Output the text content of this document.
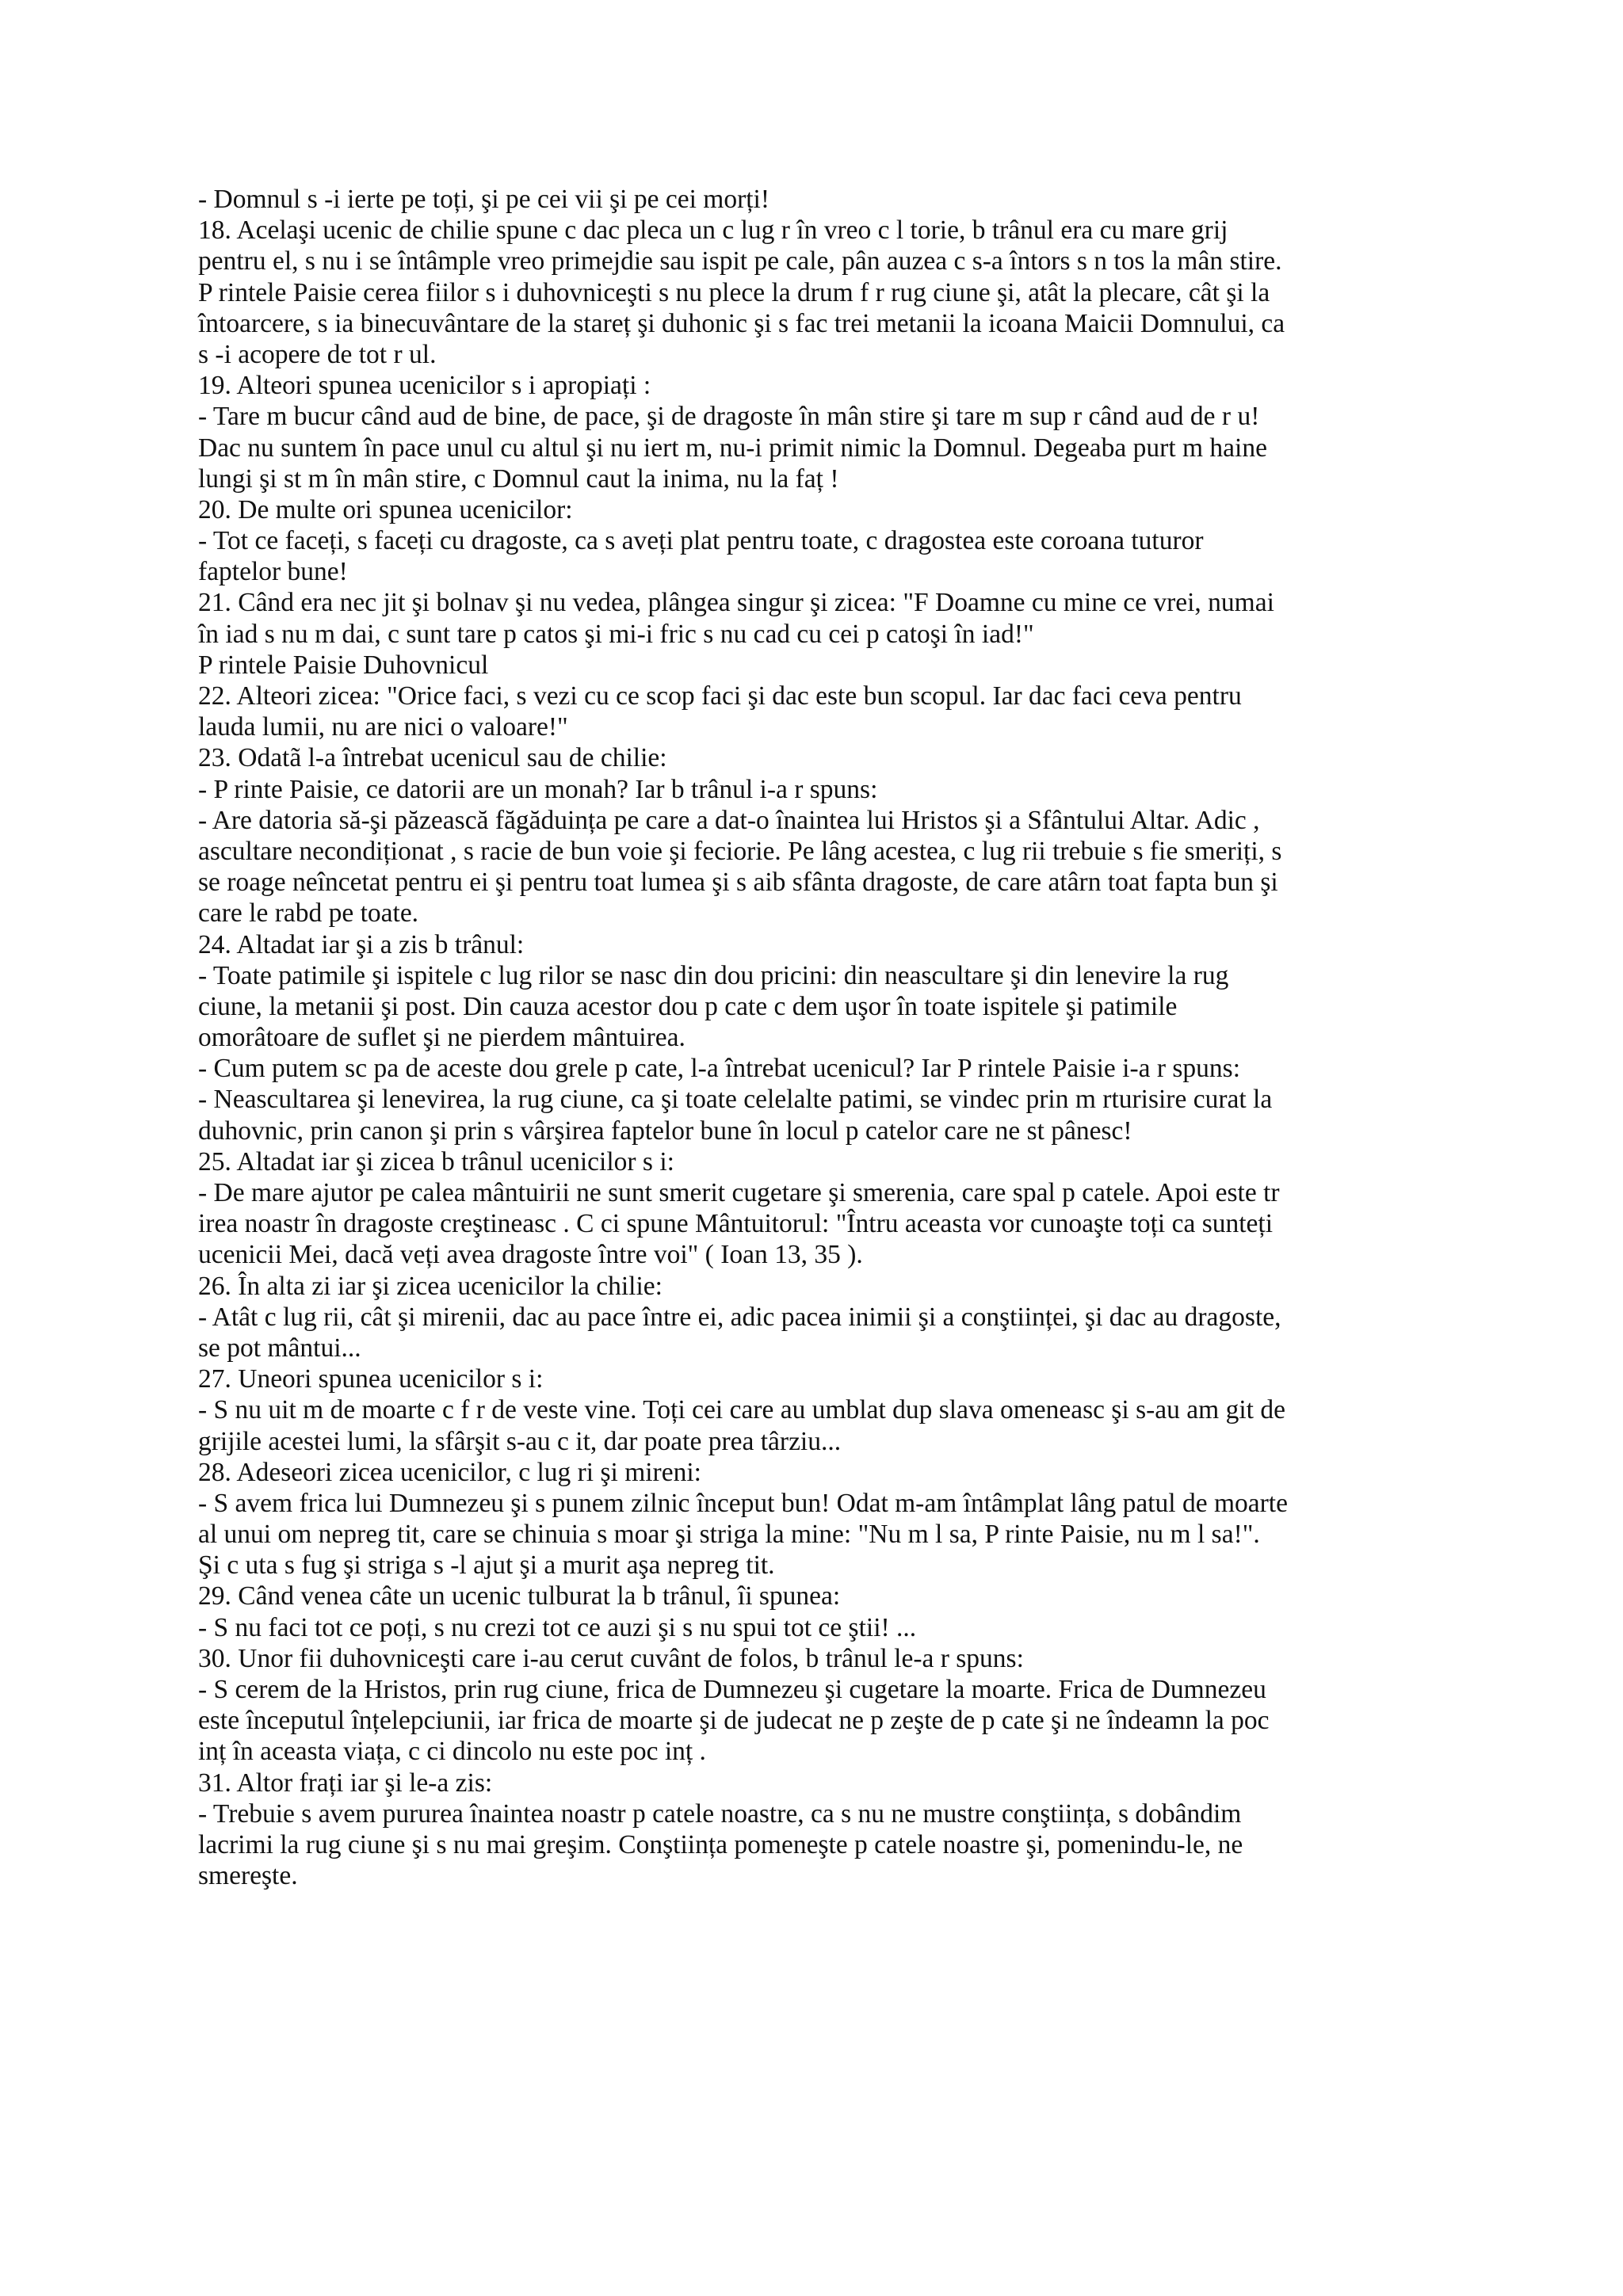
- Domnul s -i ierte pe toți, şi pe cei vii şi pe cei morți!
18. Acelaşi ucenic de chilie spune c dac pleca un c lug r în vreo c l torie, b trânul era cu mare grij
pentru el, s nu i se întâmple vreo primejdie sau ispit pe cale, pân auzea c s-a întors s n tos la mân stire.
P rintele Paisie cerea fiilor s i duhovniceşti s nu plece la drum f r rug ciune şi, atât la plecare, cât şi la
întoarcere, s ia binecuvântare de la stareț şi duhonic şi s fac trei metanii la icoana Maicii Domnului, ca
s -i acopere de tot r ul.
19. Alteori spunea ucenicilor s i apropiați :
- Tare m bucur când aud de bine, de pace, şi de dragoste în mân stire şi tare m sup r când aud de r u!
Dac nu suntem în pace unul cu altul şi nu iert m, nu-i primit nimic la Domnul. Degeaba purt m haine
lungi şi st m în mân stire, c Domnul caut la inima, nu la faț !
20. De multe ori spunea ucenicilor:
- Tot ce faceți, s faceți cu dragoste, ca s aveți plat pentru toate, c dragostea este coroana tuturor
faptelor bune!
21. Când era nec jit şi bolnav şi nu vedea, plângea singur şi zicea: "F Doamne cu mine ce vrei, numai
în iad s nu m dai, c sunt tare p catos şi mi-i fric s nu cad cu cei p catoşi în iad!"
P rintele Paisie Duhovnicul
22. Alteori zicea: "Orice faci, s vezi cu ce scop faci şi dac este bun scopul. Iar dac faci ceva pentru
lauda lumii, nu are nici o valoare!"
23. Odatã l-a întrebat ucenicul sau de chilie:
- P rinte Paisie, ce datorii are un monah? Iar b trânul i-a r spuns:
- Are datoria să-şi păzească făgăduința pe care a dat-o înaintea lui Hristos şi a Sfântului Altar. Adic ,
ascultare necondiționat , s racie de bun voie şi feciorie. Pe lâng acestea, c lug rii trebuie s fie smeriți, s
se roage neîncetat pentru ei şi pentru toat lumea şi s aib sfânta dragoste, de care atârn toat fapta bun şi
care le rabd pe toate.
24. Altadat iar şi a zis b trânul:
- Toate patimile şi ispitele c lug rilor se nasc din dou pricini: din neascultare şi din lenevire la rug
ciune, la metanii şi post. Din cauza acestor dou p cate c dem uşor în toate ispitele şi patimile
omorâtoare de suflet şi ne pierdem mântuirea.
- Cum putem sc pa de aceste dou grele p cate, l-a întrebat ucenicul? Iar P rintele Paisie i-a r spuns:
- Neascultarea şi lenevirea, la rug ciune, ca şi toate celelalte patimi, se vindec prin m rturisire curat la
duhovnic, prin canon şi prin s vârşirea faptelor bune în locul p catelor care ne st pânesc!
25. Altadat iar şi zicea b trânul ucenicilor s i:
- De mare ajutor pe calea mântuirii ne sunt smerit cugetare şi smerenia, care spal p catele. Apoi este tr
irea noastr în dragoste creştineasc . C ci spune Mântuitorul: "Întru aceasta vor cunoaşte toți ca sunteți
ucenicii Mei, dacă veți avea dragoste între voi" ( Ioan 13, 35 ).
26. În alta zi iar şi zicea ucenicilor la chilie:
- Atât c lug rii, cât şi mirenii, dac au pace între ei, adic pacea inimii şi a conştiinței, şi dac au dragoste,
se pot mântui...
27. Uneori spunea ucenicilor s i:
- S nu uit m de moarte c f r de veste vine. Toți cei care au umblat dup slava omeneasc şi s-au am git de
grijile acestei lumi, la sfârşit s-au c it, dar poate prea târziu...
28. Adeseori zicea ucenicilor, c lug ri şi mireni:
- S avem frica lui Dumnezeu şi s punem zilnic început bun! Odat m-am întâmplat lâng patul de moarte
al unui om nepreg tit, care se chinuia s moar şi striga la mine: "Nu m l sa, P rinte Paisie, nu m l sa!".
Şi c uta s fug şi striga s -l ajut şi a murit aşa nepreg tit.
29. Când venea câte un ucenic tulburat la b trânul, îi spunea:
- S nu faci tot ce poți, s nu crezi tot ce auzi şi s nu spui tot ce ştii! ...
30. Unor fii duhovniceşti care i-au cerut cuvânt de folos, b trânul le-a r spuns:
- S cerem de la Hristos, prin rug ciune, frica de Dumnezeu şi cugetare la moarte. Frica de Dumnezeu
este începutul înțelepciunii, iar frica de moarte şi de judecat ne p zeşte de p cate şi ne îndeamn la poc
inț în aceasta viața, c ci dincolo nu este poc inț .
31. Altor frați iar şi le-a zis:
- Trebuie s avem pururea înaintea noastr p catele noastre, ca s nu ne mustre conştiința, s dobândim
lacrimi la rug ciune şi s nu mai greşim. Conştiința pomeneşte p catele noastre şi, pomenindu-le, ne
smereşte.
